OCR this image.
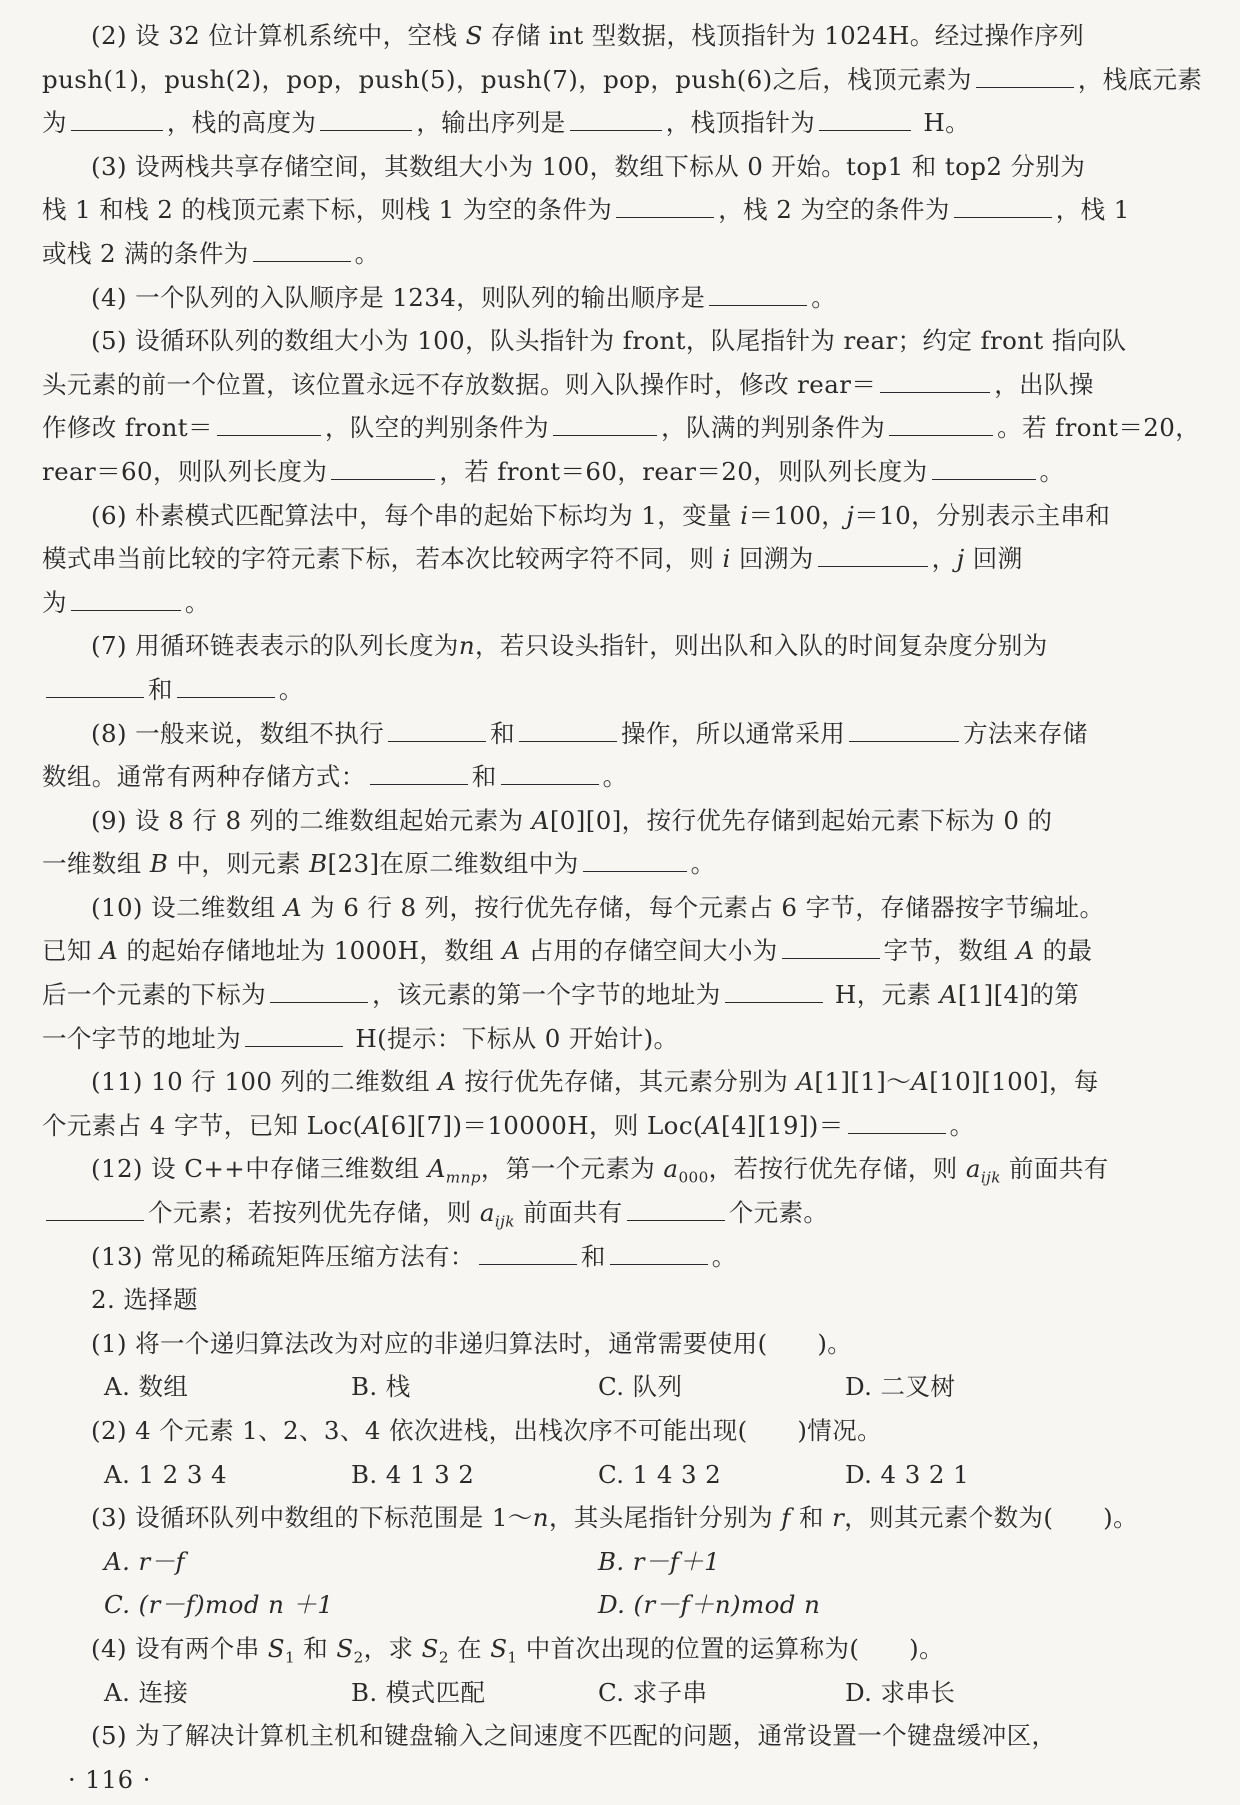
(2) 设 32 位计算机系统中，空栈 S 存储 int 型数据，栈顶指针为 1024H。经过操作序列

push(1)，push(2)，pop，push(5)，push(7)，pop，push(6)之后，栈顶元素为	，栈底元素

为	，栈的高度为	，输出序列是	，栈顶指针为	H。

(3) 设两栈共享存储空间，其数组大小为 100，数组下标从 0 开始。top1 和 top2 分别为

栈 1 和栈 2 的栈顶元素下标，则栈 1 为空的条件为	，栈 2 为空的条件为	，栈 1

或栈 2 满的条件为	。

(4) 一个队列的入队顺序是 1234，则队列的输出顺序是	。

(5) 设循环队列的数组大小为 100，队头指针为 front，队尾指针为 rear；约定 front 指向队

头元素的前一个位置，该位置永远不存放数据。则入队操作时，修改 rear＝	，出队操

作修改 front＝	，队空的判别条件为	，队满的判别条件为	。若 front＝20，

rear＝60，则队列长度为	，若 front＝60，rear＝20，则队列长度为	。

(6) 朴素模式匹配算法中，每个串的起始下标均为 1，变量 i＝100，j＝10，分别表示主串和

模式串当前比较的字符元素下标，若本次比较两字符不同，则 i 回溯为	，j 回溯

为	。

(7) 用循环链表表示的队列长度为n，若只设头指针，则出队和入队的时间复杂度分别为

和	。

(8) 一般来说，数组不执行	和	操作，所以通常采用	方法来存储

数组。通常有两种存储方式：	和	。

(9) 设 8 行 8 列的二维数组起始元素为 A[0][0]，按行优先存储到起始元素下标为 0 的

一维数组 B 中，则元素 B[23]在原二维数组中为	。

(10) 设二维数组 A 为 6 行 8 列，按行优先存储，每个元素占 6 字节，存储器按字节编址。

已知 A 的起始存储地址为 1000H，数组 A 占用的存储空间大小为	字节，数组 A 的最

后一个元素的下标为	，该元素的第一个字节的地址为	H，元素 A[1][4]的第

一个字节的地址为	H(提示：下标从 0 开始计)。

(11) 10 行 100 列的二维数组 A 按行优先存储，其元素分别为 A[1][1]～A[10][100]，每

个元素占 4 字节，已知 Loc(A[6][7])＝10000H，则 Loc(A[4][19])＝	。

(12) 设 C++中存储三维数组 $A_{mnp}$，第一个元素为 $a_{000}$，若按行优先存储，则 $a_{ijk}$ 前面共有

个元素；若按列优先存储，则 $a_{ijk}$ 前面共有	个元素。

(13) 常见的稀疏矩阵压缩方法有：	和	。

2. 选择题

(1) 将一个递归算法改为对应的非递归算法时，通常需要使用(　　)。

A. 数组	B. 栈	C. 队列	D. 二叉树

(2) 4 个元素 1、2、3、4 依次进栈，出栈次序不可能出现(　　)情况。

A. 1 2 3 4	B. 4 1 3 2	C. 1 4 3 2	D. 4 3 2 1

(3) 设循环队列中数组的下标范围是 1～n，其头尾指针分别为 f 和 r，则其元素个数为(　　)。

A. r－f	B. r－f＋1
C. (r－f)mod n ＋1	D. (r－f＋n)mod n

(4) 设有两个串 $S_1$ 和 $S_2$，求 $S_2$ 在 $S_1$ 中首次出现的位置的运算称为(　　)。

A. 连接	B. 模式匹配	C. 求子串	D. 求串长

(5) 为了解决计算机主机和键盘输入之间速度不匹配的问题，通常设置一个键盘缓冲区，

· 116 ·
